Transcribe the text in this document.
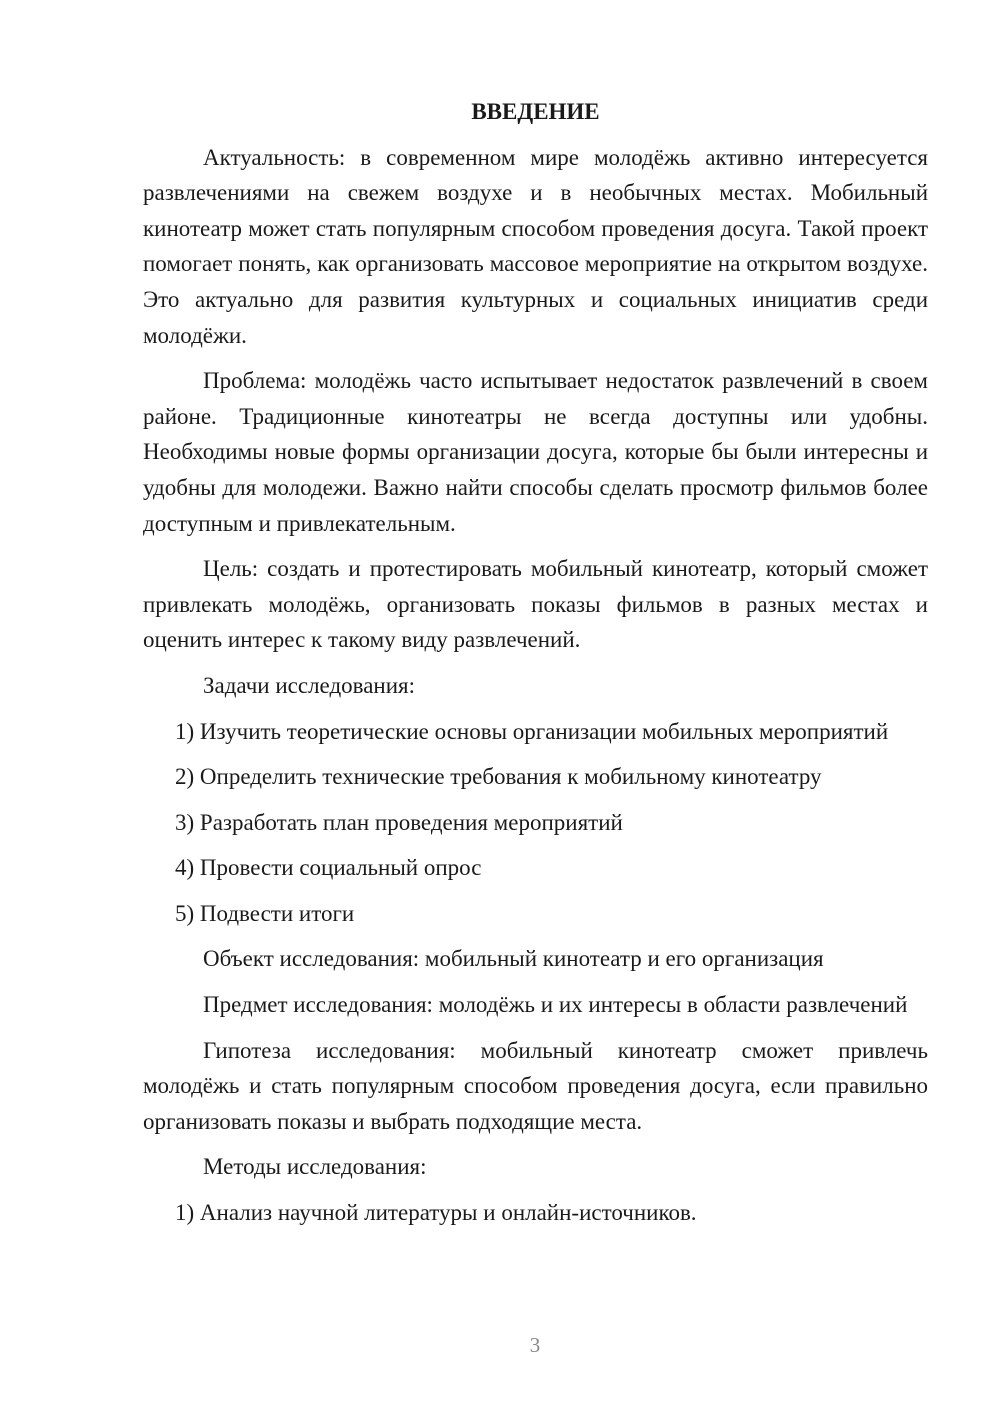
ВВЕДЕНИЕ

Актуальность: в современном мире молодёжь активно интересуется развлечениями на свежем воздухе и в необычных местах. Мобильный кинотеатр может стать популярным способом проведения досуга. Такой проект помогает понять, как организовать массовое мероприятие на открытом воздухе. Это актуально для развития культурных и социальных инициатив среди молодёжи.

Проблема: молодёжь часто испытывает недостаток развлечений в своем районе. Традиционные кинотеатры не всегда доступны или удобны. Необходимы новые формы организации досуга, которые бы были интересны и удобны для молодежи. Важно найти способы сделать просмотр фильмов более доступным и привлекательным.

Цель: создать и протестировать мобильный кинотеатр, который сможет привлекать молодёжь, организовать показы фильмов в разных местах и оценить интерес к такому виду развлечений.

Задачи исследования:

1) Изучить теоретические основы организации мобильных мероприятий

2) Определить технические требования к мобильному кинотеатру

3) Разработать план проведения мероприятий

4) Провести социальный опрос

5) Подвести итоги

Объект исследования: мобильный кинотеатр и его организация

Предмет исследования: молодёжь и их интересы в области развлечений

Гипотеза исследования: мобильный кинотеатр сможет привлечь молодёжь и стать популярным способом проведения досуга, если правильно организовать показы и выбрать подходящие места.

Методы исследования:

1) Анализ научной литературы и онлайн-источников.

3
